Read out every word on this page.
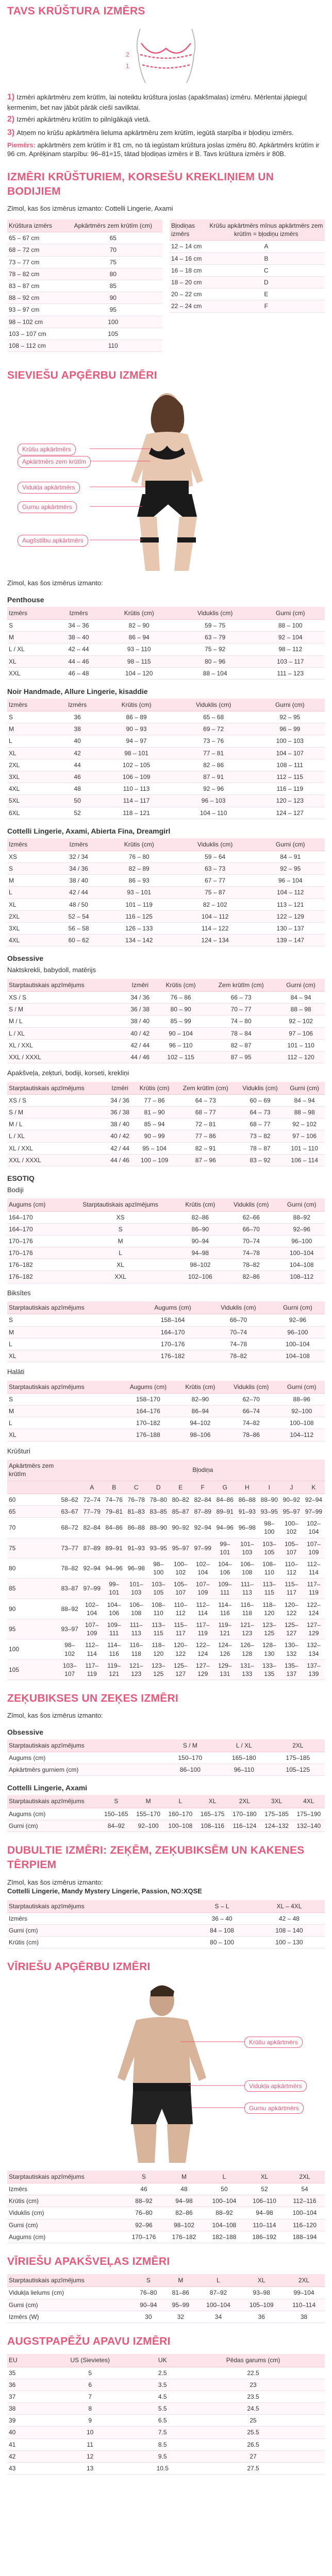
TAVS KRŪŠTURА IZMĒRS
2
1

1) Izmēri apkārtmēru zem krūtīm, lai noteiktu krūšturа joslas (apakšmalas) izmēru. Mērlentai jāpieguļ ķermenim, bet nav jābūt pārāk cieši savilktai.

2) Izmēri apkārtmēru krūtīm to pilnīgākajā vietā.

3) Atņem no krūšu apkārtmēra lieluma apkārtmēru zem krūtīm, iegūtā starpība ir bļodiņu izmērs.

Piemērs: apkārtmērs zem krūtīm ir 81 cm, no tā iegūstam krūšturа joslas izmēru 80. Apkārtmērs krūtīm ir 96 cm. Aprēķinam starpību: 96–81=15, tātad bļodiņas izmērs ir B. Tavs krūšturа izmērs ir 80B.

IZMĒRI KRŪŠTURIEM, KORSEŠU KREKLIŅIEM UN BODIJIEM

Zīmol, kas šos izmērus izmanto: Cottelli Lingerie, Axami

Krūšturа izmērs	Apkārtmērs zem krūtīm (cm)
65 – 67 cm	65
68 – 72 cm	70
73 – 77 cm	75
78 – 82 cm	80
83 – 87 cm	85
88 – 92 cm	90
93 – 97 cm	95
98 – 102 cm	100
103 – 107 cm	105
108 – 112 cm	110
Bļodiņas izmērs	Krūšu apkārtmērs mīnus apkārtmērs zem krūtīm = bļodiņu izmērs
12 – 14 cm	A
14 – 16 cm	B
16 – 18 cm	C
18 – 20 cm	D
20 – 22 cm	E
22 – 24 cm	F
SIEVIEŠU APĢĒRBU IZMĒRI
Krūšu apkārtmērs
Apkārtmērs zem krūtīm
Vidukļa apkārtmērs
Gurnu apkārtmērs
Augšstilbu apkārtmērs

Zīmol, kas šos izmērus izmanto:

Penthouse
Izmērs	Izmērs	Krūtis (cm)	Viduklis (cm)	Gurni (cm)
S	34 – 36	82 – 90	59 – 75	88 – 100
M	38 – 40	86 – 94	63 – 79	92 – 104
L / XL	42 – 44	93 – 110	75 – 92	98 – 112
XL	44 – 46	98 – 115	80 – 96	103 – 117
XXL	46 – 48	104 – 120	88 – 104	111 – 123
Noir Handmade, Allure Lingerie, kisaddie
Izmērs	Izmērs	Krūtis (cm)	Viduklis (cm)	Gurni (cm)
S	36	86 – 89	65 – 68	92 – 95
M	38	90 – 93	69 – 72	96 – 99
L	40	94 – 97	73 – 76	100 – 103
XL	42	98 – 101	77 – 81	104 – 107
2XL	44	102 – 105	82 – 86	108 – 111
3XL	46	106 – 109	87 – 91	112 – 115
4XL	48	110 – 113	92 – 96	116 – 119
5XL	50	114 – 117	96 – 103	120 – 123
6XL	52	118 – 121	104 – 110	124 – 127
Cottelli Lingerie, Axami, Abierta Fina, Dreamgirl
Izmērs	Izmērs	Krūtis (cm)	Viduklis (cm)	Gurni (cm)
XS	32 / 34	76 – 80	59 – 64	84 – 91
S	34 / 36	82 – 89	63 – 73	92 – 95
M	38 / 40	86 – 93	67 – 77	96 – 104
L	42 / 44	93 – 101	75 – 87	104 – 112
XL	48 / 50	101 – 119	82 – 102	113 – 121
2XL	52 – 54	116 – 125	104 – 112	122 – 129
3XL	56 – 58	126 – 133	114 – 122	130 – 137
4XL	60 – 62	134 – 142	124 – 134	139 – 147
Obsessive

Naktskrekli, babydoll, matērijs

Starptautiskais apzīmējums	Izmēri	Krūtis (cm)	Zem krūtīm (cm)	Gurni (cm)
XS / S	34 / 36	76 – 86	66 – 73	84 – 94
S / M	36 / 38	80 – 90	70 – 77	88 – 98
M / L	38 / 40	85 – 99	74 – 80	92 – 102
L / XL	40 / 42	90 – 104	78 – 84	97 – 106
XL / XXL	42 / 44	96 – 110	82 – 87	101 – 110
XXL / XXXL	44 / 46	102 – 115	87 – 95	112 – 120

Apakšveļa, zeķturi, bodiji, korseti, krekliņi

Starptautiskais apzīmējums	Izmēri	Krūtis (cm)	Zem krūtīm (cm)	Viduklis (cm)	Gurni (cm)
XS / S	34 / 36	77 – 86	64 – 73	60 – 69	84 – 94
S / M	36 / 38	81 – 90	68 – 77	64 – 73	88 – 98
M / L	38 / 40	85 – 94	72 – 81	68 – 77	92 – 102
L / XL	40 / 42	90 – 99	77 – 86	73 – 82	97 – 106
XL / XXL	42 / 44	95 – 104	82 – 91	78 – 87	101 – 110
XXL / XXXL	44 / 46	100 – 109	87 – 96	83 – 92	106 – 114
ESOTIQ

Bodiji

Augums (cm)	Starptautiskais apzīmējums	Krūtis (cm)	Viduklis (cm)	Gurni (cm)
164–170	XS	82–86	62–66	88–92
164–170	S	86–90	66–70	92–96
170–176	M	90–94	70–74	96–100
170–176	L	94–98	74–78	100–104
176–182	XL	98–102	78–82	104–108
176–182	XXL	102–106	82–86	108–112

Biksītes

Starptautiskais apzīmējums	Augums (cm)	Viduklis (cm)	Gurni (cm)
S	158–164	66–70	92–96
M	164–170	70–74	96–100
L	170–176	74–78	100–104
XL	176–182	78–82	104–108

Halāti

Starptautiskais apzīmējums	Augums (cm)	Krūtis (cm)	Viduklis (cm)	Gurni (cm)
S	158–170	82–90	62–70	88–96
M	164–176	86–94	66–74	92–100
L	170–182	94–102	74–82	100–108
XL	176–188	98–106	78–86	104–112

Krūšturi

Apkārtmērs zem krūtīm		Bļodiņa										
		A	B	C	D	E	F	G	H	I	J	K
60	58–62	72–74	74–76	76–78	78–80	80–82	82–84	84–86	86–88	88–90	90–92	92–94
65	63–67	77–79	79–81	81–83	83–85	85–87	87–89	89–91	91–93	93–95	95–97	97–99
70	68–72	82–84	84–86	86–88	88–90	90–92	92–94	94–96	96–98	98–100	100–102	102–104
75	73–77	87–89	89–91	91–93	93–95	95–97	97–99	99–101	101–103	103–105	105–107	107–109
80	78–82	92–94	94–96	96–98	98–100	100–102	102–104	104–106	106–108	108–110	110–112	112–114
85	83–87	97–99	99–101	101–103	103–105	105–107	107–109	109–111	111–113	113–115	115–117	117–119
90	88–92	102–104	104–106	106–108	108–110	110–112	112–114	114–116	116–118	118–120	120–122	122–124
95	93–97	107–109	109–111	111–113	113–115	115–117	117–119	119–121	121–123	123–125	125–127	127–129
100	98–102	112–114	114–116	116–118	118–120	120–122	122–124	124–126	126–128	128–130	130–132	132–134
105	103–107	117–119	119–121	121–123	123–125	125–127	127–129	129–131	131–133	133–135	135–137	137–139
ZEĶUBIKSES UN ZEĶES IZMĒRI

Zīmol, kas šos izmērus izmanto:

Obsessive
Starptautiskais apzīmējums	S / M	L / XL	2XL
Augums (cm)	150–170	165–180	175–185
Apkārtmērs gurniem (cm)	86–100	96–110	105–125
Cottelli Lingerie, Axami
Starptautiskais apzīmējums	S	M	L	XL	2XL	3XL	4XL
Augums (cm)	150–165	155–170	160–170	165–175	170–180	175–185	175–190
Gurni (cm)	84–92	92–100	100–108	108–116	116–124	124–132	132–140
DUBULTIE IZMĒRI: ZEĶĒM, ZEĶUBIKSĒM UN KAKENES TĒRPIEM

Zīmol, kas šos izmērus izmanto:
Cottelli Lingerie, Mandy Mystery Lingerie, Passion, NO:XQSE

Starptautiskais apzīmējums	S – L	XL – 4XL
Izmērs	36 – 40	42 – 48
Gurni (cm)	84 – 108	108 – 140
Krūtis (cm)	80 – 100	100 – 130
VĪRIEŠU APĢĒRBU IZMĒRI
Krūšu apkārtmērs
Vidukļa apkārtmērs
Gurnu apkārtmērs
Starptautiskais apzīmējums	S	M	L	XL	2XL
Izmērs	46	48	50	52	54
Krūtis (cm)	88–92	94–98	100–104	106–110	112–116
Viduklis (cm)	76–80	82–86	88–92	94–98	100–104
Gurni (cm)	92–96	98–102	104–108	110–114	116–120
Augums (cm)	170–176	176–182	182–188	186–192	188–194
VĪRIEŠU APAKŠVEĻAS IZMĒRI
Starptautiskais apzīmējums	S	M	L	XL	2XL
Vidukļa lielums (cm)	76–80	81–86	87–92	93–98	99–104
Gurni (cm)	90–94	95–99	100–104	105–109	110–114
Izmērs (W)	30	32	34	36	38
AUGSTPAPĒŽU APAVU IZMĒRI
EU	US (Sievietes)	UK	Pēdas garums (cm)
35	5	2.5	22.5
36	6	3.5	23
37	7	4.5	23.5
38	8	5.5	24.5
39	9	6.5	25
40	10	7.5	25.5
41	11	8.5	26.5
42	12	9.5	27
43	13	10.5	27.5
